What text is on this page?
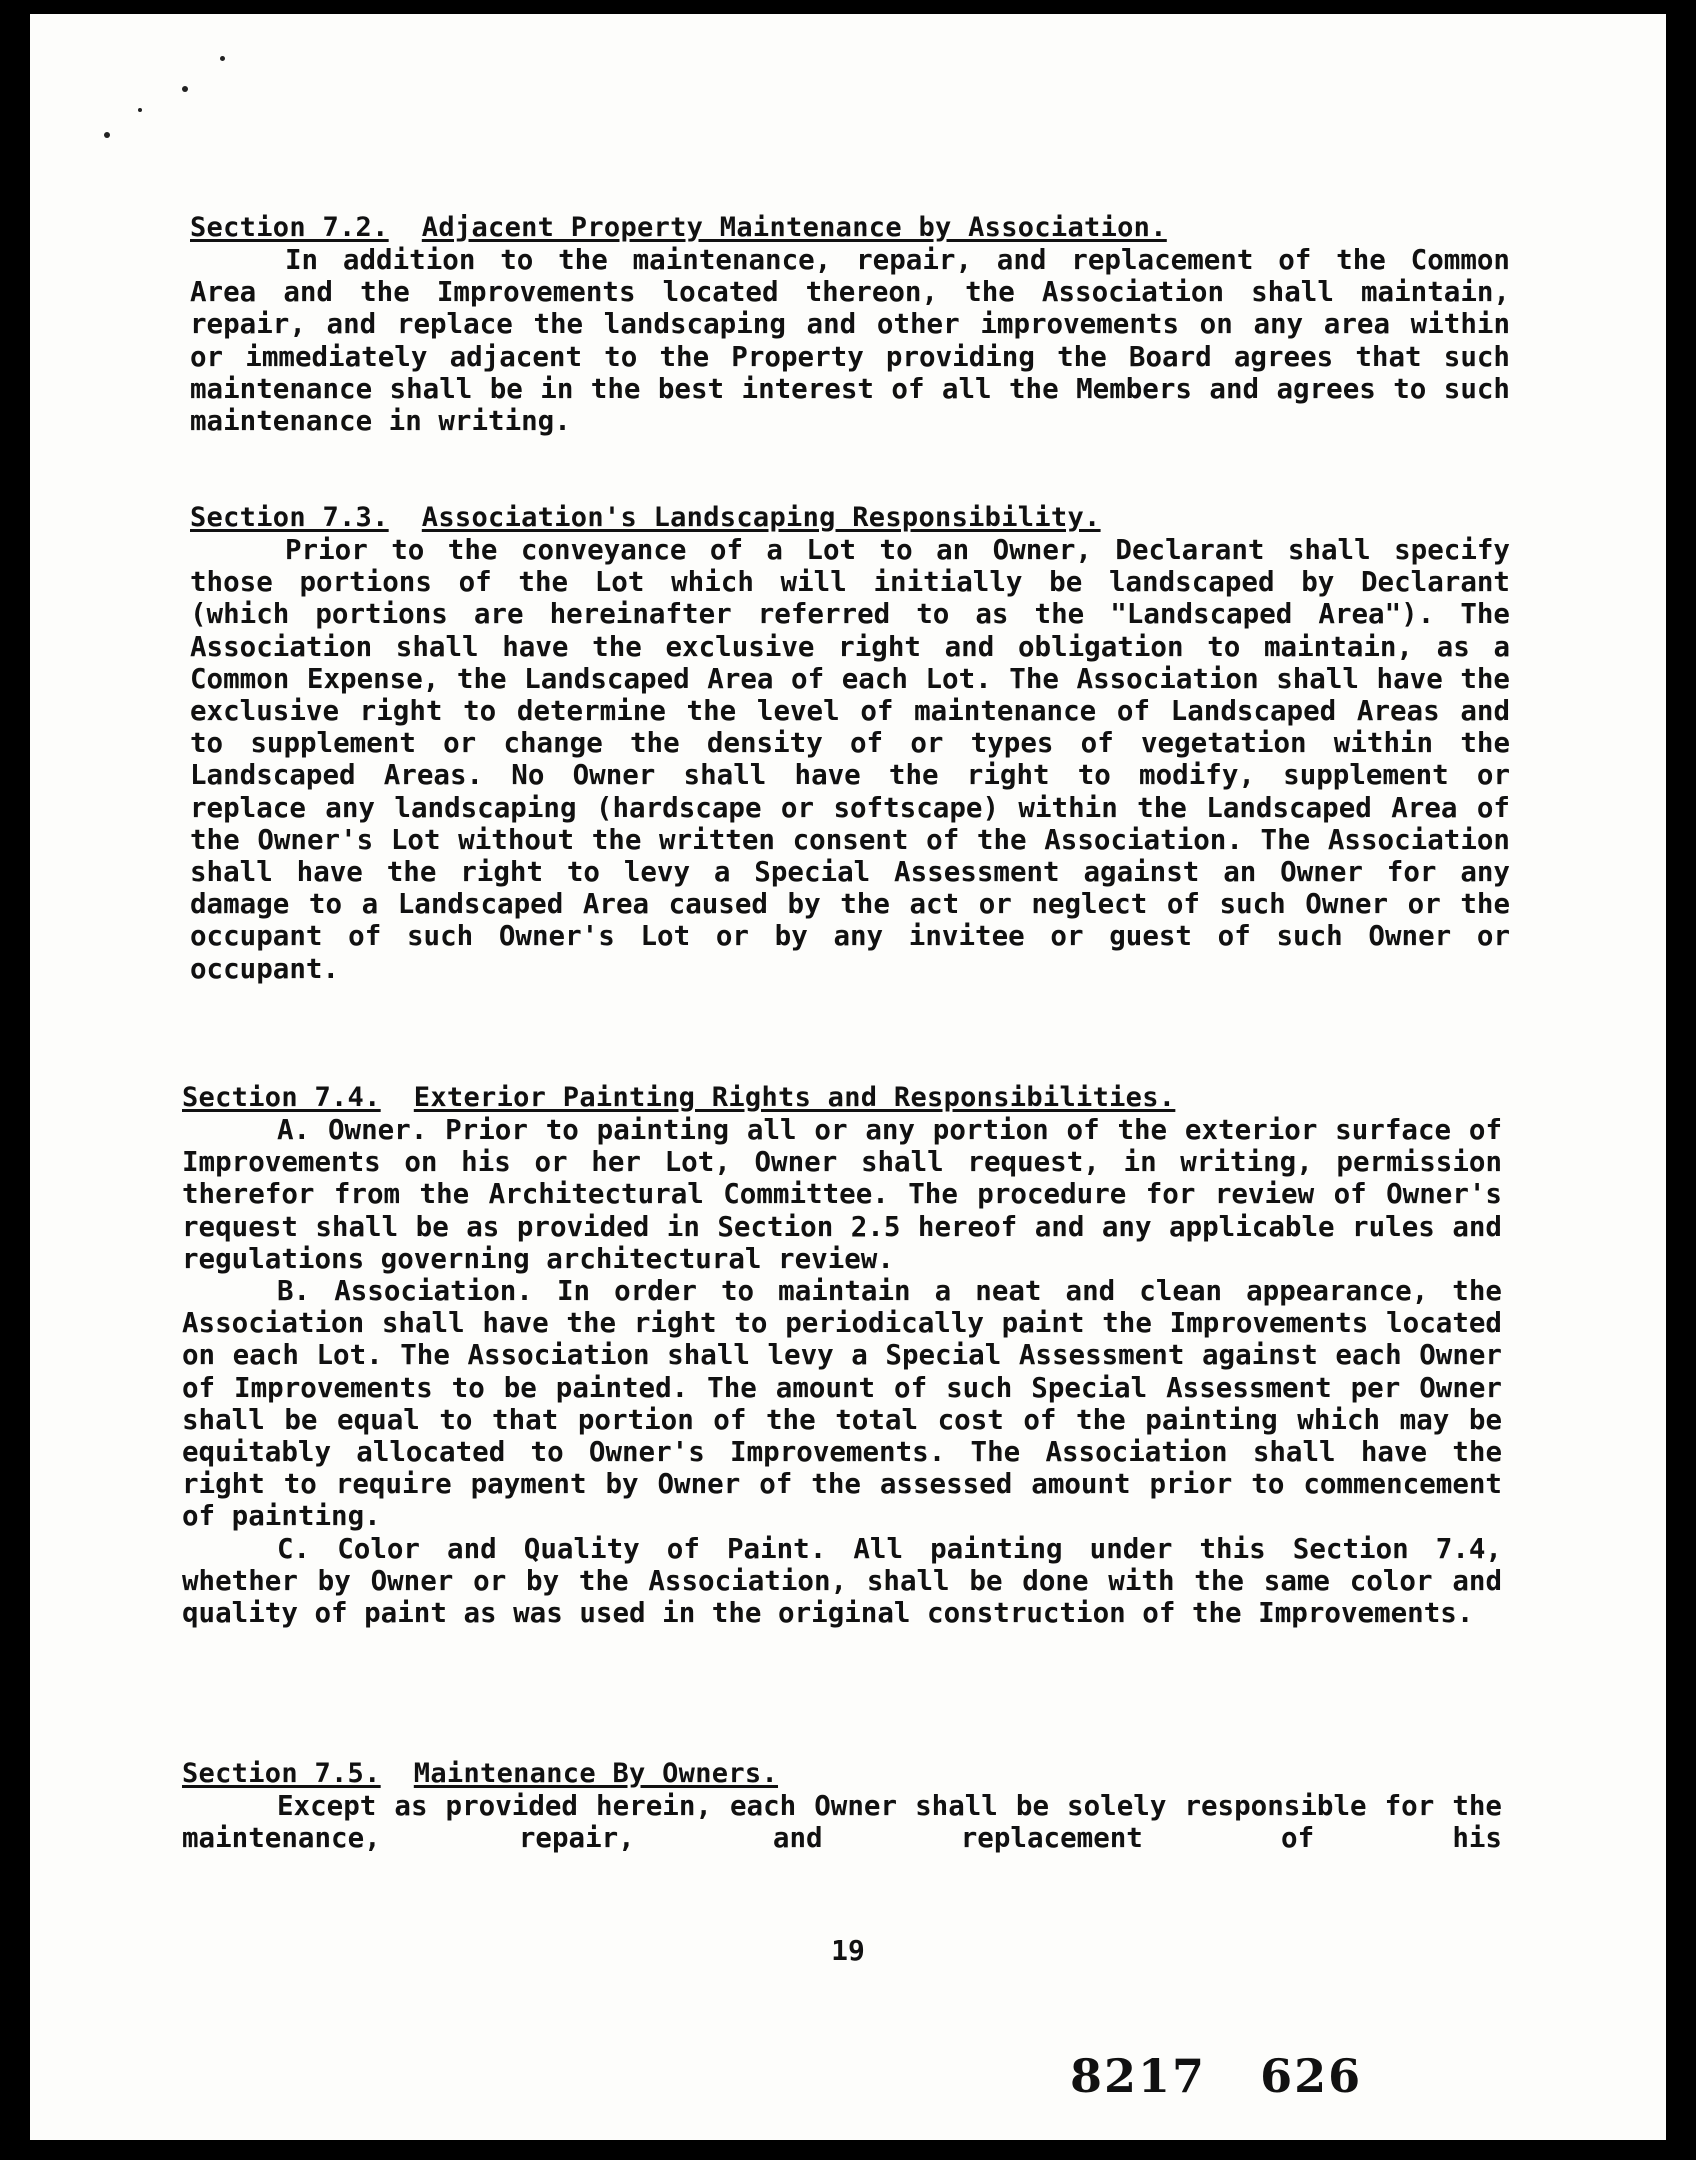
Section 7.2. Adjacent Property Maintenance by Association.
In addition to the maintenance, repair, and replacement of the Common Area and the Improvements located thereon, the Association shall maintain, repair, and replace the landscaping and other improvements on any area within or immediately adjacent to the Property providing the Board agrees that such maintenance shall be in the best interest of all the Members and agrees to such maintenance in writing.
Section 7.3. Association's Landscaping Responsibility.
Prior to the conveyance of a Lot to an Owner, Declarant shall specify those portions of the Lot which will initially be landscaped by Declarant (which portions are hereinafter referred to as the "Landscaped Area"). The Association shall have the exclusive right and obligation to maintain, as a Common Expense, the Landscaped Area of each Lot. The Association shall have the exclusive right to determine the level of maintenance of Landscaped Areas and to supplement or change the density of or types of vegetation within the Landscaped Areas. No Owner shall have the right to modify, supplement or replace any landscaping (hardscape or softscape) within the Landscaped Area of the Owner's Lot without the written consent of the Association. The Association shall have the right to levy a Special Assessment against an Owner for any damage to a Landscaped Area caused by the act or neglect of such Owner or the occupant of such Owner's Lot or by any invitee or guest of such Owner or occupant.
Section 7.4. Exterior Painting Rights and Responsibilities.
A. Owner. Prior to painting all or any portion of the exterior surface of Improvements on his or her Lot, Owner shall request, in writing, permission therefor from the Architectural Committee. The procedure for review of Owner's request shall be as provided in Section 2.5 hereof and any applicable rules and regulations governing architectural review.
B. Association. In order to maintain a neat and clean appearance, the Association shall have the right to periodically paint the Improvements located on each Lot. The Association shall levy a Special Assessment against each Owner of Improvements to be painted. The amount of such Special Assessment per Owner shall be equal to that portion of the total cost of the painting which may be equitably allocated to Owner's Improvements. The Association shall have the right to require payment by Owner of the assessed amount prior to commencement of painting.
C. Color and Quality of Paint. All painting under this Section 7.4, whether by Owner or by the Association, shall be done with the same color and quality of paint as was used in the original construction of the Improvements.
Section 7.5. Maintenance By Owners.
Except as provided herein, each Owner shall be solely responsible for the maintenance, repair, and replacement of his
19
8217   626
